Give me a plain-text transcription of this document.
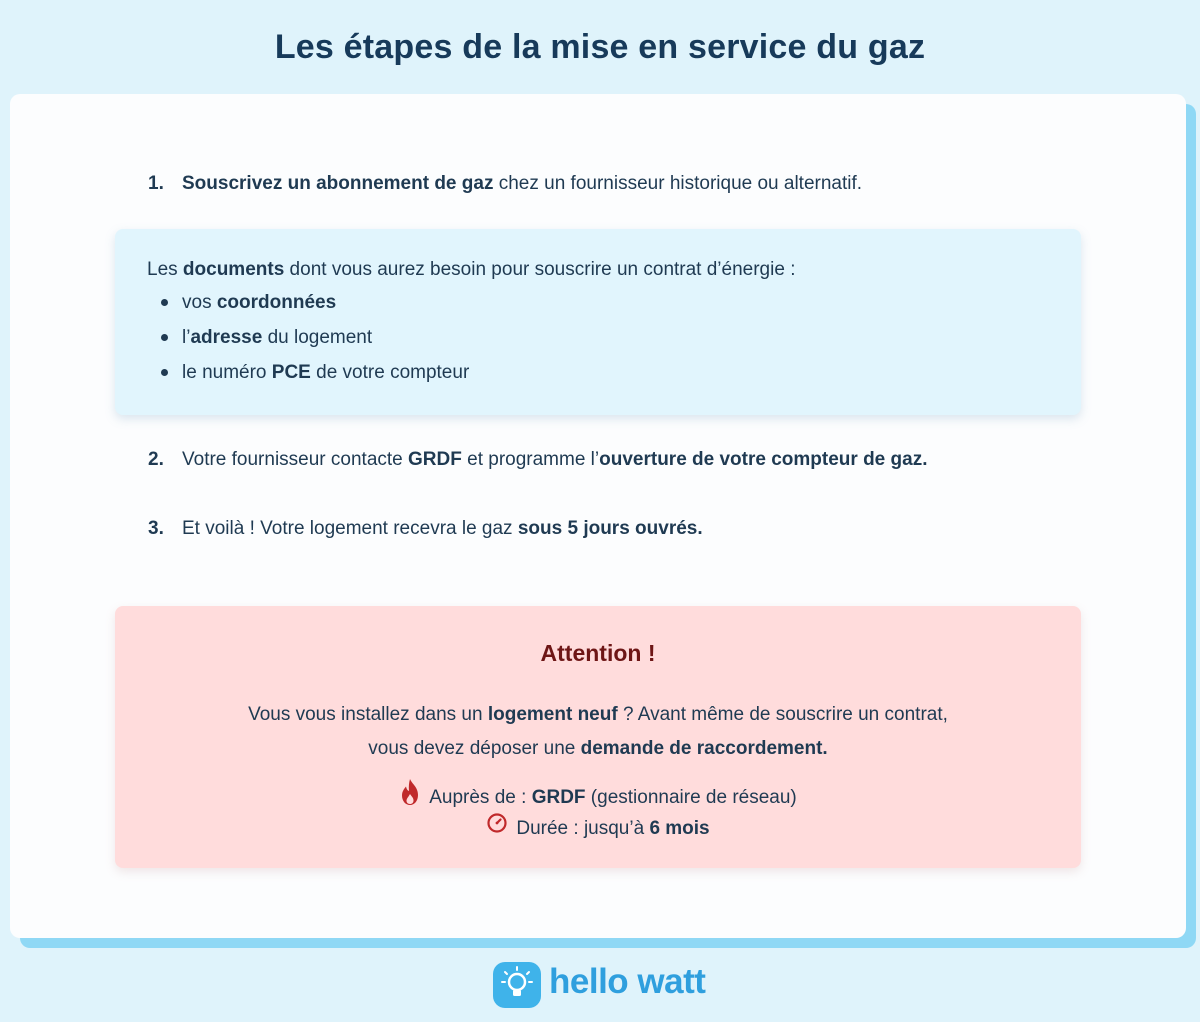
Les étapes de la mise en service du gaz
1. Souscrivez un abonnement de gaz chez un fournisseur historique ou alternatif.
Les documents dont vous aurez besoin pour souscrire un contrat d’énergie :
vos coordonnées
l’adresse du logement
le numéro PCE de votre compteur
2. Votre fournisseur contacte GRDF et programme l’ouverture de votre compteur de gaz.
3. Et voilà ! Votre logement recevra le gaz sous 5 jours ouvrés.
Attention !
Vous vous installez dans un logement neuf ? Avant même de souscrire un contrat,
vous devez déposer une demande de raccordement.
Auprès de : GRDF (gestionnaire de réseau)
Durée : jusqu’à 6 mois
hello watt
